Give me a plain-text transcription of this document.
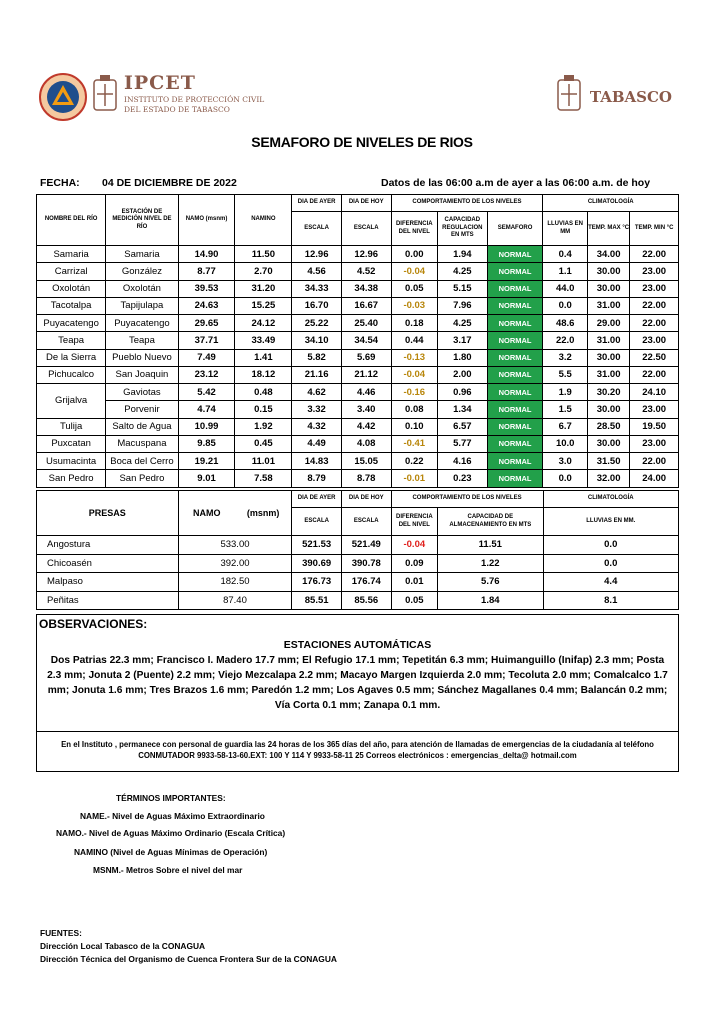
IPCET
INSTITUTO DE PROTECCIÓN CIVIL
DEL ESTADO DE TABASCO
TABASCO
SEMAFORO DE NIVELES DE RIOS
FECHA: 04 DE DICIEMBRE DE 2022	Datos de las 06:00 a.m de ayer a las 06:00 a.m. de hoy
NOMBRE DEL RÍO	ESTACIÓN DE MEDICIÓN NIVEL DE RÍO	NAMO (msnm)	NAMINO	DIA DE AYER	DIA DE HOY	COMPORTAMIENTO DE LOS NIVELES			CLIMATOLOGÍA		
				ESCALA	ESCALA	DIFERENCIA DEL NIVEL	CAPACIDAD REGULACION EN MTS	SEMAFORO	LLUVIAS EN MM	TEMP. MAX °C	TEMP. MIN °C
Samaria	Samaria	14.90	11.50	12.96	12.96	0.00	1.94	NORMAL	0.4	34.00	22.00
Carrizal	González	8.77	2.70	4.56	4.52	-0.04	4.25	NORMAL	1.1	30.00	23.00
Oxolotán	Oxolotán	39.53	31.20	34.33	34.38	0.05	5.15	NORMAL	44.0	30.00	23.00
Tacotalpa	Tapijulapa	24.63	15.25	16.70	16.67	-0.03	7.96	NORMAL	0.0	31.00	22.00
Puyacatengo	Puyacatengo	29.65	24.12	25.22	25.40	0.18	4.25	NORMAL	48.6	29.00	22.00
Teapa	Teapa	37.71	33.49	34.10	34.54	0.44	3.17	NORMAL	22.0	31.00	23.00
De la Sierra	Pueblo Nuevo	7.49	1.41	5.82	5.69	-0.13	1.80	NORMAL	3.2	30.00	22.50
Pichucalco	San Joaquin	23.12	18.12	21.16	21.12	-0.04	2.00	NORMAL	5.5	31.00	22.00
Grijalva	Gaviotas	5.42	0.48	4.62	4.46	-0.16	0.96	NORMAL	1.9	30.20	24.10
	Porvenir	4.74	0.15	3.32	3.40	0.08	1.34	NORMAL	1.5	30.00	23.00
Tulija	Salto de Agua	10.99	1.92	4.32	4.42	0.10	6.57	NORMAL	6.7	28.50	19.50
Puxcatan	Macuspana	9.85	0.45	4.49	4.08	-0.41	5.77	NORMAL	10.0	30.00	23.00
Usumacinta	Boca del Cerro	19.21	11.01	14.83	15.05	0.22	4.16	NORMAL	3.0	31.50	22.00
San Pedro	San Pedro	9.01	7.58	8.79	8.78	-0.01	0.23	NORMAL	0.0	32.00	24.00
PRESAS	NAMO	(msnm)	DIA DE AYER	DIA DE HOY	COMPORTAMIENTO DE LOS NIVELES		CLIMATOLOGÍA
			ESCALA	ESCALA	DIFERENCIA DEL NIVEL	CAPACIDAD DE ALMACENAMIENTO EN MTS	LLUVIAS EN MM.
Angostura	533.00		521.53	521.49	-0.04	11.51	0.0
Chicoasén	392.00		390.69	390.78	0.09	1.22	0.0
Malpaso	182.50		176.73	176.74	0.01	5.76	4.4
Peñitas	87.40		85.51	85.56	0.05	1.84	8.1
OBSERVACIONES:
ESTACIONES AUTOMÁTICAS
Dos Patrias 22.3 mm; Francisco I. Madero 17.7 mm; El Refugio 17.1 mm; Tepetitán 6.3 mm; Huimanguillo (Inifap) 2.3 mm; Posta 2.3 mm; Jonuta 2 (Puente) 2.2 mm; Viejo Mezcalapa 2.2 mm; Macayo Margen Izquierda 2.0 mm; Tecoluta 2.0 mm; Comalcalco 1.7 mm; Jonuta 1.6 mm; Tres Brazos 1.6 mm; Paredón 1.2 mm; Los Agaves 0.5 mm; Sánchez Magallanes 0.4 mm; Balancán 0.2 mm; Vía Corta 0.1 mm; Zanapa 0.1 mm.
En el Instituto , permanece con personal de guardia las 24 horas de los 365 días del año, para atención de llamadas de emergencias de la ciudadanía al teléfono
CONMUTADOR 9933-58-13-60.EXT: 100 Y 114 Y 9933-58-11 25 Correos electrónicos : emergencias_delta@ hotmail.com
TÉRMINOS IMPORTANTES:
NAME.- Nivel de Aguas Máximo Extraordinario
NAMO.- Nivel de Aguas Máximo Ordinario (Escala Crítica)
NAMINO (Nivel de Aguas Mínimas de Operación)
MSNM.- Metros Sobre el nivel del mar
FUENTES:
Dirección Local Tabasco de la CONAGUA
Dirección Técnica del Organismo de Cuenca Frontera Sur de la CONAGUA
